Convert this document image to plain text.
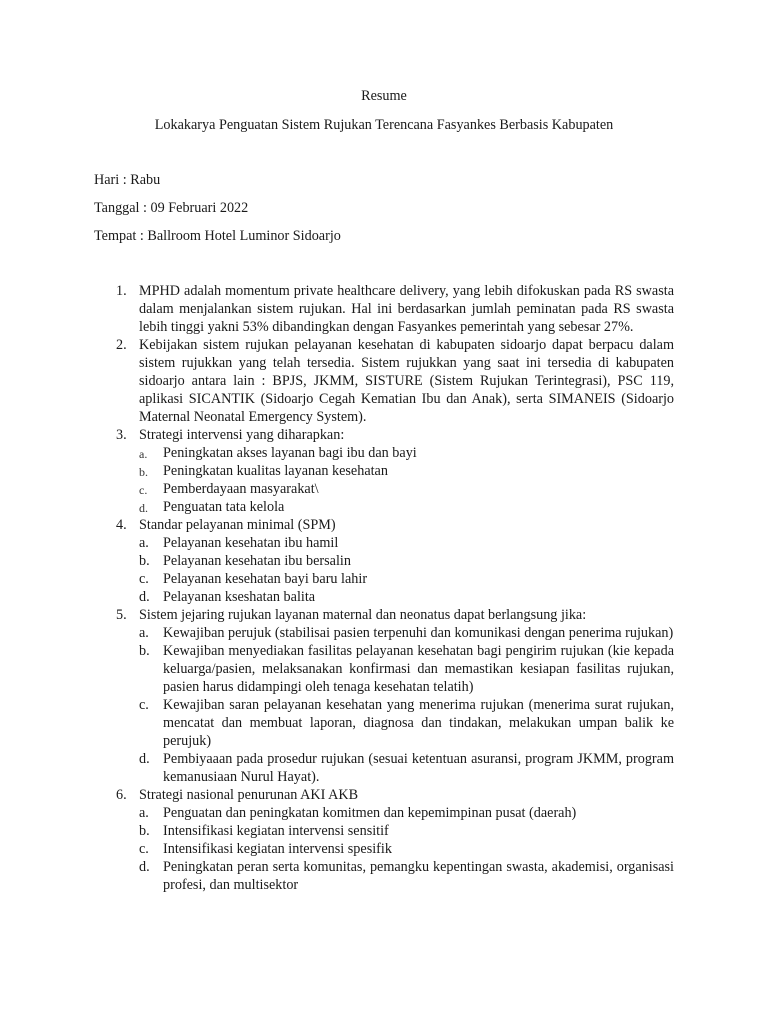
Resume
Lokakarya Penguatan Sistem Rujukan Terencana Fasyankes Berbasis Kabupaten
Hari : Rabu
Tanggal : 09 Februari 2022
Tempat : Ballroom Hotel Luminor Sidoarjo
1. MPHD adalah momentum private healthcare delivery, yang lebih difokuskan pada RS swasta dalam menjalankan sistem rujukan. Hal ini berdasarkan jumlah peminatan pada RS swasta lebih tinggi yakni 53% dibandingkan dengan Fasyankes pemerintah yang sebesar 27%.
2. Kebijakan sistem rujukan pelayanan kesehatan di kabupaten sidoarjo dapat berpacu dalam sistem rujukkan yang telah tersedia. Sistem rujukkan yang saat ini tersedia di kabupaten sidoarjo antara lain : BPJS, JKMM, SISTURE (Sistem Rujukan Terintegrasi), PSC 119, aplikasi SICANTIK (Sidoarjo Cegah Kematian Ibu dan Anak), serta SIMANEIS (Sidoarjo Maternal Neonatal Emergency System).
3. Strategi intervensi yang diharapkan:
a. Peningkatan akses layanan bagi ibu dan bayi
b. Peningkatan kualitas layanan kesehatan
c. Pemberdayaan masyarakat\
d. Penguatan tata kelola
4. Standar pelayanan minimal (SPM)
a. Pelayanan kesehatan ibu hamil
b. Pelayanan kesehatan ibu bersalin
c. Pelayanan kesehatan bayi baru lahir
d. Pelayanan kseshatan balita
5. Sistem jejaring rujukan layanan maternal dan neonatus dapat berlangsung jika:
a. Kewajiban perujuk (stabilisai pasien terpenuhi dan komunikasi dengan penerima rujukan)
b. Kewajiban menyediakan fasilitas pelayanan kesehatan bagi pengirim rujukan (kie kepada keluarga/pasien, melaksanakan konfirmasi dan memastikan kesiapan fasilitas rujukan, pasien harus didampingi oleh tenaga kesehatan telatih)
c. Kewajiban saran pelayanan kesehatan yang menerima rujukan (menerima surat rujukan, mencatat dan membuat laporan, diagnosa dan tindakan, melakukan umpan balik ke perujuk)
d. Pembiyaaan pada prosedur rujukan (sesuai ketentuan asuransi, program JKMM, program kemanusiaan Nurul Hayat).
6. Strategi nasional penurunan AKI AKB
a. Penguatan dan peningkatan komitmen dan kepemimpinan pusat (daerah)
b. Intensifikasi kegiatan intervensi sensitif
c. Intensifikasi kegiatan intervensi spesifik
d. Peningkatan peran serta komunitas, pemangku kepentingan swasta, akademisi, organisasi profesi, dan multisektor
